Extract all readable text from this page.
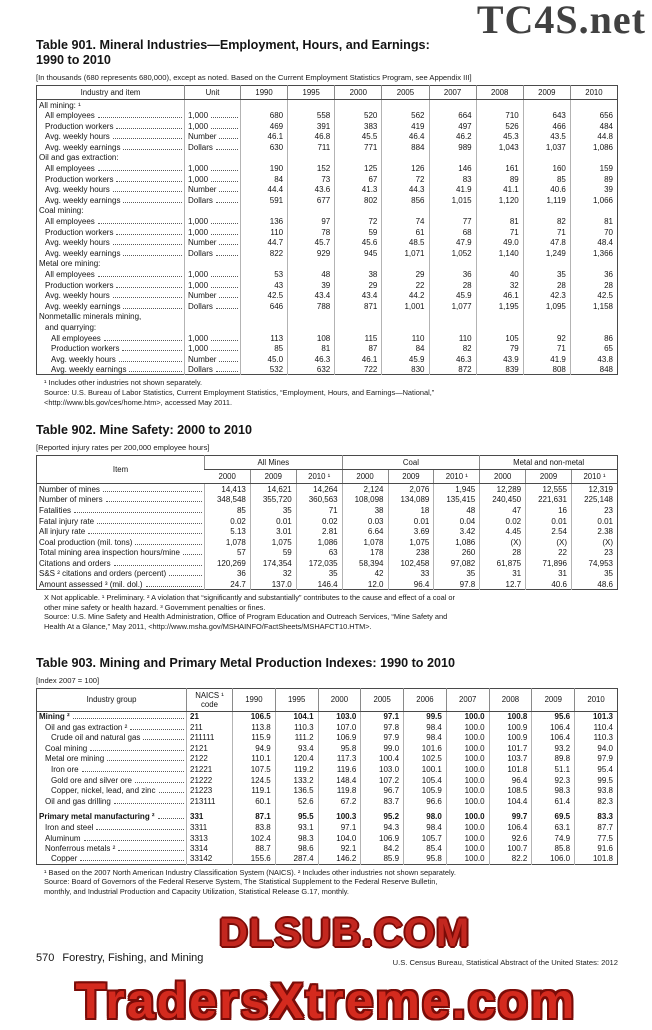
TC4S.net
Table 901. Mineral Industries—Employment, Hours, and Earnings:
1990 to 2010

[In thousands (680 represents 680,000), except as noted. Based on the Current Employment Statistics Program, see Appendix III]

Industry and item	Unit	1990	1995	2000	2005	2007	2008	2009	2010

All mining: ¹									

All employees	1,000	680	558	520	562	664	710	643	656

Production workers	1,000	469	391	383	419	497	526	466	484

Avg. weekly hours	Number	46.1	46.8	45.5	46.4	46.2	45.3	43.5	44.8

Avg. weekly earnings	Dollars	630	711	771	884	989	1,043	1,037	1,086

Oil and gas extraction:									

All employees	1,000	190	152	125	126	146	161	160	159

Production workers	1,000	84	73	67	72	83	89	85	89

Avg. weekly hours	Number	44.4	43.6	41.3	44.3	41.9	41.1	40.6	39

Avg. weekly earnings	Dollars	591	677	802	856	1,015	1,120	1,119	1,066

Coal mining:									

All employees	1,000	136	97	72	74	77	81	82	81

Production workers	1,000	110	78	59	61	68	71	71	70

Avg. weekly hours	Number	44.7	45.7	45.6	48.5	47.9	49.0	47.8	48.4

Avg. weekly earnings	Dollars	822	929	945	1,071	1,052	1,140	1,249	1,366

Metal ore mining:									

All employees	1,000	53	48	38	29	36	40	35	36

Production workers	1,000	43	39	29	22	28	32	28	28

Avg. weekly hours	Number	42.5	43.4	43.4	44.2	45.9	46.1	42.3	42.5

Avg. weekly earnings	Dollars	646	788	871	1,001	1,077	1,195	1,095	1,158

Nonmetallic minerals mining,									

and quarrying:									

All employees	1,000	113	108	115	110	110	105	92	86

Production workers	1,000	85	81	87	84	82	79	71	65

Avg. weekly hours	Number	45.0	46.3	46.1	45.9	46.3	43.9	41.9	43.8

Avg. weekly earnings	Dollars	532	632	722	830	872	839	808	848

¹ Includes other industries not shown separately.

Source: U.S. Bureau of Labor Statistics, Current Employment Statistics, “Employment, Hours, and Earnings—National,”

<http://www.bls.gov/ces/home.htm>, accessed May 2011.

Table 902. Mine Safety: 2000 to 2010

[Reported injury rates per 200,000 employee hours]

Item	All Mines			Coal			Metal and non-metal		
	2000	2009	2010 ¹	2000	2009	2010 ¹	2000	2009	2010 ¹

Number of mines	14,413	14,621	14,264	2,124	2,076	1,945	12,289	12,555	12,319

Number of miners	348,548	355,720	360,563	108,098	134,089	135,415	240,450	221,631	225,148

Fatalities	85	35	71	38	18	48	47	16	23

Fatal injury rate	0.02	0.01	0.02	0.03	0.01	0.04	0.02	0.01	0.01

All injury rate	5.13	3.01	2.81	6.64	3.69	3.42	4.45	2.54	2.38

Coal production (mil. tons)	1,078	1,075	1,086	1,078	1,075	1,086	(X)	(X)	(X)

Total mining area inspection hours/mine	57	59	63	178	238	260	28	22	23

Citations and orders	120,269	174,354	172,035	58,394	102,458	97,082	61,875	71,896	74,953

S&S ² citations and orders (percent)	36	32	35	42	33	35	31	31	35

Amount assessed ³ (mil. dol.)	24.7	137.0	146.4	12.0	96.4	97.8	12.7	40.6	48.6
DLSUB.COM

X Not applicable. ¹ Preliminary. ² A violation that “significantly and substantially” contributes to the cause and effect of a coal or

other mine safety or health hazard. ³ Government penalties or fines.

Source: U.S. Mine Safety and Health Administration, Office of Program Education and Outreach Services, “Mine Safety and

Health At a Glance,” May 2011, <http://www.msha.gov/MSHAINFO/FactSheets/MSHAFCT10.HTM>.

Table 903. Mining and Primary Metal Production Indexes: 1990 to 2010

[Index 2007 = 100]

Industry group	NAICS ¹
code	1990	1995	2000	2005	2006	2007	2008	2009	2010

Mining ²	21	106.5	104.1	103.0	97.1	99.5	100.0	100.8	95.6	101.3

Oil and gas extraction ²	211	113.8	110.3	107.0	97.8	98.4	100.0	100.9	106.4	110.4

Crude oil and natural gas	211111	115.9	111.2	106.9	97.9	98.4	100.0	100.9	106.4	110.3

Coal mining	2121	94.9	93.4	95.8	99.0	101.6	100.0	101.7	93.2	94.0

Metal ore mining	2122	110.1	120.4	117.3	100.4	102.5	100.0	103.7	89.8	97.9

Iron ore	21221	107.5	119.2	119.6	103.0	100.1	100.0	101.8	51.1	95.4

Gold ore and silver ore	21222	124.5	133.2	148.4	107.2	105.4	100.0	96.4	92.3	99.5

Copper, nickel, lead, and zinc	21223	119.1	136.5	119.8	96.7	105.9	100.0	108.5	98.3	93.8

Oil and gas drilling	213111	60.1	52.6	67.2	83.7	96.6	100.0	104.4	61.4	82.3

Primary metal manufacturing ²	331	87.1	95.5	100.3	95.2	98.0	100.0	99.7	69.5	83.3

Iron and steel	3311	83.8	93.1	97.1	94.3	98.4	100.0	106.4	63.1	87.7

Aluminum	3313	102.4	98.3	104.0	106.9	105.7	100.0	92.6	74.9	77.5

Nonferrous metals ²	3314	88.7	98.6	92.1	84.2	85.4	100.0	100.7	85.8	91.6

Copper	33142	155.6	287.4	146.2	85.9	95.8	100.0	82.2	106.0	101.8

¹ Based on the 2007 North American Industry Classification System (NAICS). ² Includes other industries not shown separately.

Source: Board of Governors of the Federal Reserve System, The Statistical Supplement to the Federal Reserve Bulletin,

monthly, and Industrial Production and Capacity Utilization, Statistical Release G.17, monthly.

570 Forestry, Fishing, and Mining	U.S. Census Bureau, Statistical Abstract of the United States: 2012
TradersXtreme.com
